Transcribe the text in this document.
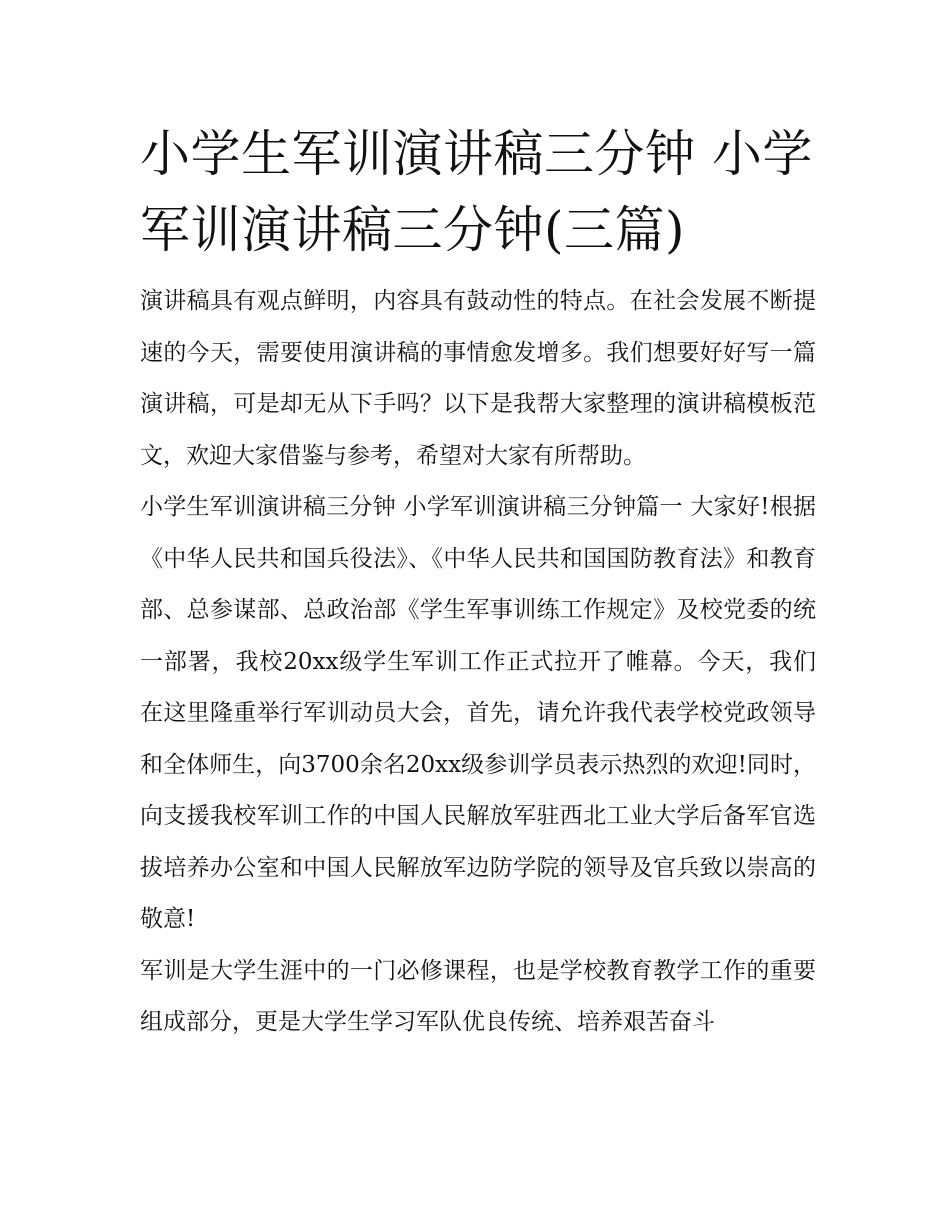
小学生军训演讲稿三分钟 小学军训演讲稿三分钟(三篇)

演讲稿具有观点鲜明，内容具有鼓动性的特点。在社会发展不断提速的今天，需要使用演讲稿的事情愈发增多。我们想要好好写一篇演讲稿，可是却无从下手吗？以下是我帮大家整理的演讲稿模板范文，欢迎大家借鉴与参考，希望对大家有所帮助。

小学生军训演讲稿三分钟 小学军训演讲稿三分钟篇一 大家好!根据《中华人民共和国兵役法》、《中华人民共和国国防教育法》和教育部、总参谋部、总政治部《学生军事训练工作规定》及校党委的统一部署，我校20xx级学生军训工作正式拉开了帷幕。今天，我们在这里隆重举行军训动员大会，首先，请允许我代表学校党政领导和全体师生，向3700余名20xx级参训学员表示热烈的欢迎!同时，向支援我校军训工作的中国人民解放军驻西北工业大学后备军官选拔培养办公室和中国人民解放军边防学院的领导及官兵致以崇高的敬意!

军训是大学生涯中的一门必修课程，也是学校教育教学工作的重要组成部分，更是大学生学习军队优良传统、培养艰苦奋斗
